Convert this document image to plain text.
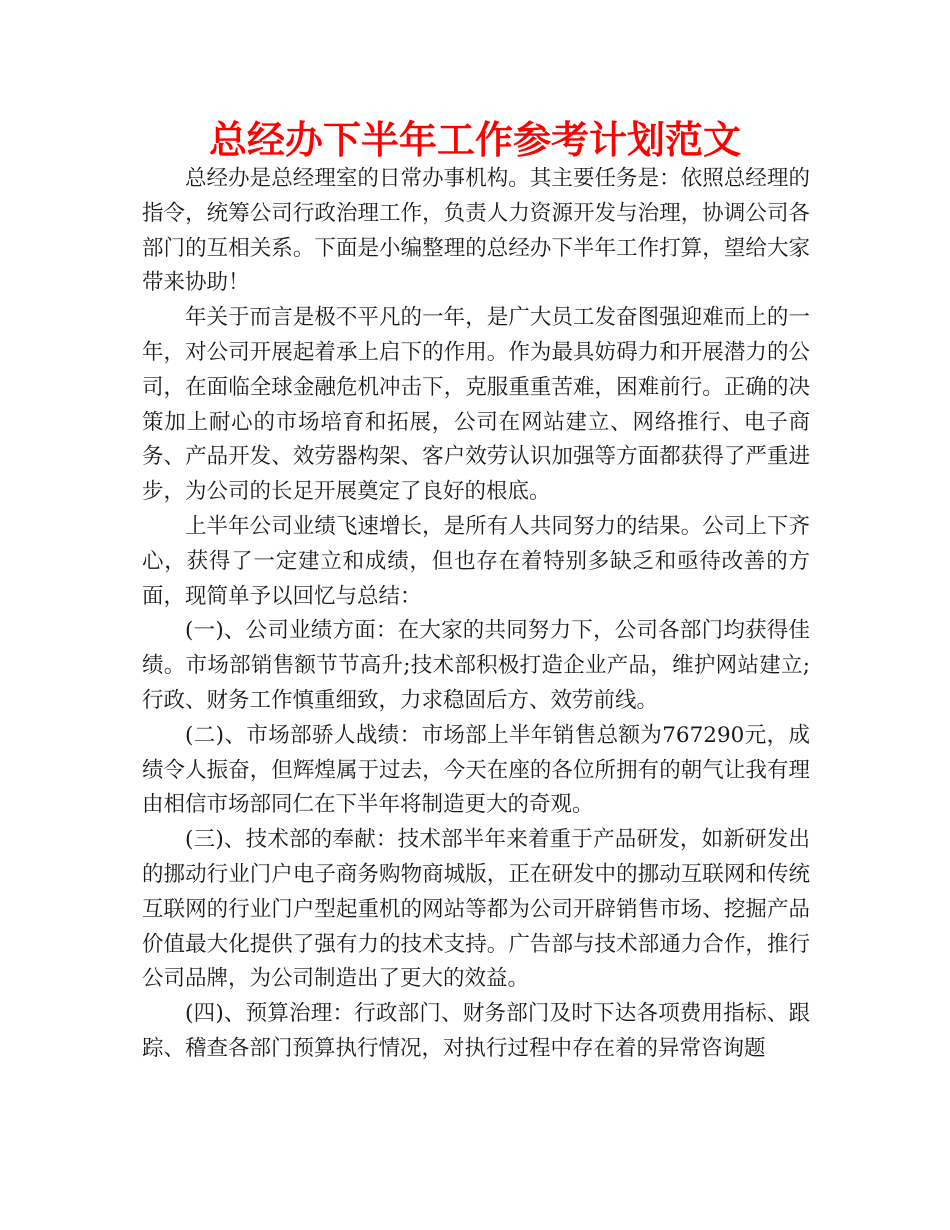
总经办下半年工作参考计划范文

总经办是总经理室的日常办事机构。其主要任务是：依照总经理的指令，统筹公司行政治理工作，负责人力资源开发与治理，协调公司各部门的互相关系。下面是小编整理的总经办下半年工作打算，望给大家带来协助！

年关于而言是极不平凡的一年，是广大员工发奋图强迎难而上的一年，对公司开展起着承上启下的作用。作为最具妨碍力和开展潜力的公司，在面临全球金融危机冲击下，克服重重苦难，困难前行。正确的决策加上耐心的市场培育和拓展，公司在网站建立、网络推行、电子商务、产品开发、效劳器构架、客户效劳认识加强等方面都获得了严重进步，为公司的长足开展奠定了良好的根底。

上半年公司业绩飞速增长，是所有人共同努力的结果。公司上下齐心，获得了一定建立和成绩，但也存在着特别多缺乏和亟待改善的方面，现简单予以回忆与总结：

(一)、公司业绩方面：在大家的共同努力下，公司各部门均获得佳绩。市场部销售额节节高升;技术部积极打造企业产品，维护网站建立;行政、财务工作慎重细致，力求稳固后方、效劳前线。

(二)、市场部骄人战绩：市场部上半年销售总额为767290元，成绩令人振奋，但辉煌属于过去，今天在座的各位所拥有的朝气让我有理由相信市场部同仁在下半年将制造更大的奇观。

(三)、技术部的奉献：技术部半年来着重于产品研发，如新研发出的挪动行业门户电子商务购物商城版，正在研发中的挪动互联网和传统互联网的行业门户型起重机的网站等都为公司开辟销售市场、挖掘产品价值最大化提供了强有力的技术支持。广告部与技术部通力合作，推行公司品牌，为公司制造出了更大的效益。

(四)、预算治理：行政部门、财务部门及时下达各项费用指标、跟踪、稽查各部门预算执行情况，对执行过程中存在着的异常咨询题
